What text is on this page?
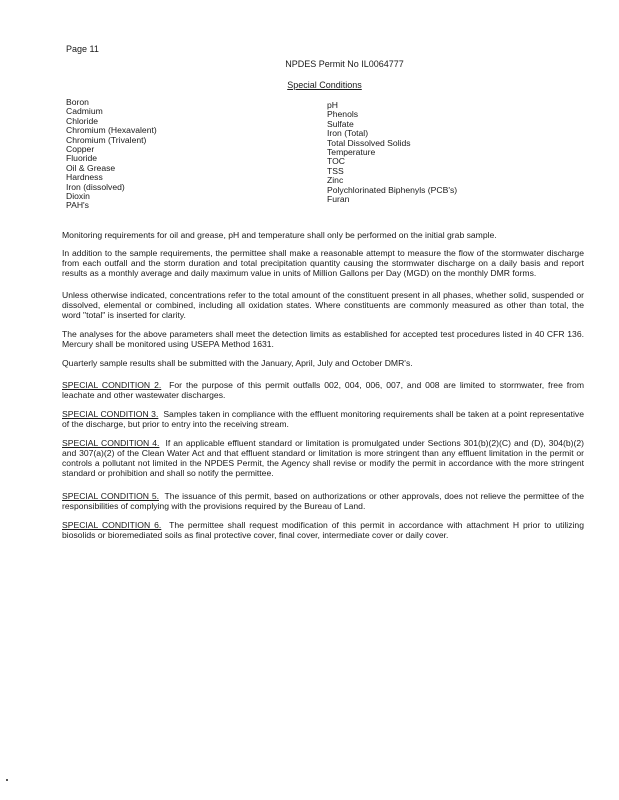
Page 11
NPDES Permit No IL0064777
Special Conditions
Boron
Cadmium
Chloride
Chromium (Hexavalent)
Chromium (Trivalent)
Copper
Fluoride
Oil & Grease
Hardness
Iron (dissolved)
Dioxin
PAH's
pH
Phenols
Sulfate
Iron (Total)
Total Dissolved Solids
Temperature
TOC
TSS
Zinc
Polychlorinated Biphenyls (PCB's)
Furan

Monitoring requirements for oil and grease, pH and temperature shall only be performed on the initial grab sample.

In addition to the sample requirements, the permittee shall make a reasonable attempt to measure the flow of the stormwater discharge from each outfall and the storm duration and total precipitation quantity causing the stormwater discharge on a daily basis and report results as a monthly average and daily maximum value in units of Million Gallons per Day (MGD) on the monthly DMR forms.

Unless otherwise indicated, concentrations refer to the total amount of the constituent present in all phases, whether solid, suspended or dissolved, elemental or combined, including all oxidation states. Where constituents are commonly measured as other than total, the word "total" is inserted for clarity.

The analyses for the above parameters shall meet the detection limits as established for accepted test procedures listed in 40 CFR 136. Mercury shall be monitored using USEPA Method 1631.

Quarterly sample results shall be submitted with the January, April, July and October DMR's.

SPECIAL CONDITION 2. For the purpose of this permit outfalls 002, 004, 006, 007, and 008 are limited to stormwater, free from leachate and other wastewater discharges.

SPECIAL CONDITION 3. Samples taken in compliance with the effluent monitoring requirements shall be taken at a point representative of the discharge, but prior to entry into the receiving stream.

SPECIAL CONDITION 4. If an applicable effluent standard or limitation is promulgated under Sections 301(b)(2)(C) and (D), 304(b)(2) and 307(a)(2) of the Clean Water Act and that effluent standard or limitation is more stringent than any effluent limitation in the permit or controls a pollutant not limited in the NPDES Permit, the Agency shall revise or modify the permit in accordance with the more stringent standard or prohibition and shall so notify the permittee.

SPECIAL CONDITION 5. The issuance of this permit, based on authorizations or other approvals, does not relieve the permittee of the responsibilities of complying with the provisions required by the Bureau of Land.

SPECIAL CONDITION 6. The permittee shall request modification of this permit in accordance with attachment H prior to utilizing biosolids or bioremediated soils as final protective cover, final cover, intermediate cover or daily cover.
